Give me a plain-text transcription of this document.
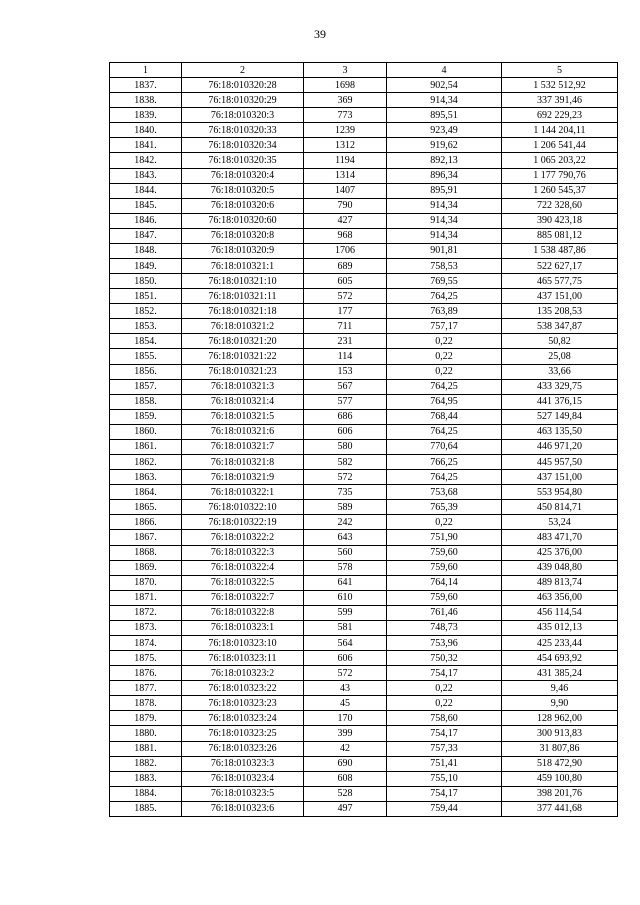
39
1	2	3	4	5
1837.	76:18:010320:28	1698	902,54	1 532 512,92
1838.	76:18:010320:29	369	914,34	337 391,46
1839.	76:18:010320:3	773	895,51	692 229,23
1840.	76:18:010320:33	1239	923,49	1 144 204,11
1841.	76:18:010320:34	1312	919,62	1 206 541,44
1842.	76:18:010320:35	1194	892,13	1 065 203,22
1843.	76:18:010320:4	1314	896,34	1 177 790,76
1844.	76:18:010320:5	1407	895,91	1 260 545,37
1845.	76:18:010320:6	790	914,34	722 328,60
1846.	76:18:010320:60	427	914,34	390 423,18
1847.	76:18:010320:8	968	914,34	885 081,12
1848.	76:18:010320:9	1706	901,81	1 538 487,86
1849.	76:18:010321:1	689	758,53	522 627,17
1850.	76:18:010321:10	605	769,55	465 577,75
1851.	76:18:010321:11	572	764,25	437 151,00
1852.	76:18:010321:18	177	763,89	135 208,53
1853.	76:18:010321:2	711	757,17	538 347,87
1854.	76:18:010321:20	231	0,22	50,82
1855.	76:18:010321:22	114	0,22	25,08
1856.	76:18:010321:23	153	0,22	33,66
1857.	76:18:010321:3	567	764,25	433 329,75
1858.	76:18:010321:4	577	764,95	441 376,15
1859.	76:18:010321:5	686	768,44	527 149,84
1860.	76:18:010321:6	606	764,25	463 135,50
1861.	76:18:010321:7	580	770,64	446 971,20
1862.	76:18:010321:8	582	766,25	445 957,50
1863.	76:18:010321:9	572	764,25	437 151,00
1864.	76:18:010322:1	735	753,68	553 954,80
1865.	76:18:010322:10	589	765,39	450 814,71
1866.	76:18:010322:19	242	0,22	53,24
1867.	76:18:010322:2	643	751,90	483 471,70
1868.	76:18:010322:3	560	759,60	425 376,00
1869.	76:18:010322:4	578	759,60	439 048,80
1870.	76:18:010322:5	641	764,14	489 813,74
1871.	76:18:010322:7	610	759,60	463 356,00
1872.	76:18:010322:8	599	761,46	456 114,54
1873.	76:18:010323:1	581	748,73	435 012,13
1874.	76:18:010323:10	564	753,96	425 233,44
1875.	76:18:010323:11	606	750,32	454 693,92
1876.	76:18:010323:2	572	754,17	431 385,24
1877.	76:18:010323:22	43	0,22	9,46
1878.	76:18:010323:23	45	0,22	9,90
1879.	76:18:010323:24	170	758,60	128 962,00
1880.	76:18:010323:25	399	754,17	300 913,83
1881.	76:18:010323:26	42	757,33	31 807,86
1882.	76:18:010323:3	690	751,41	518 472,90
1883.	76:18:010323:4	608	755,10	459 100,80
1884.	76:18:010323:5	528	754,17	398 201,76
1885.	76:18:010323:6	497	759,44	377 441,68
